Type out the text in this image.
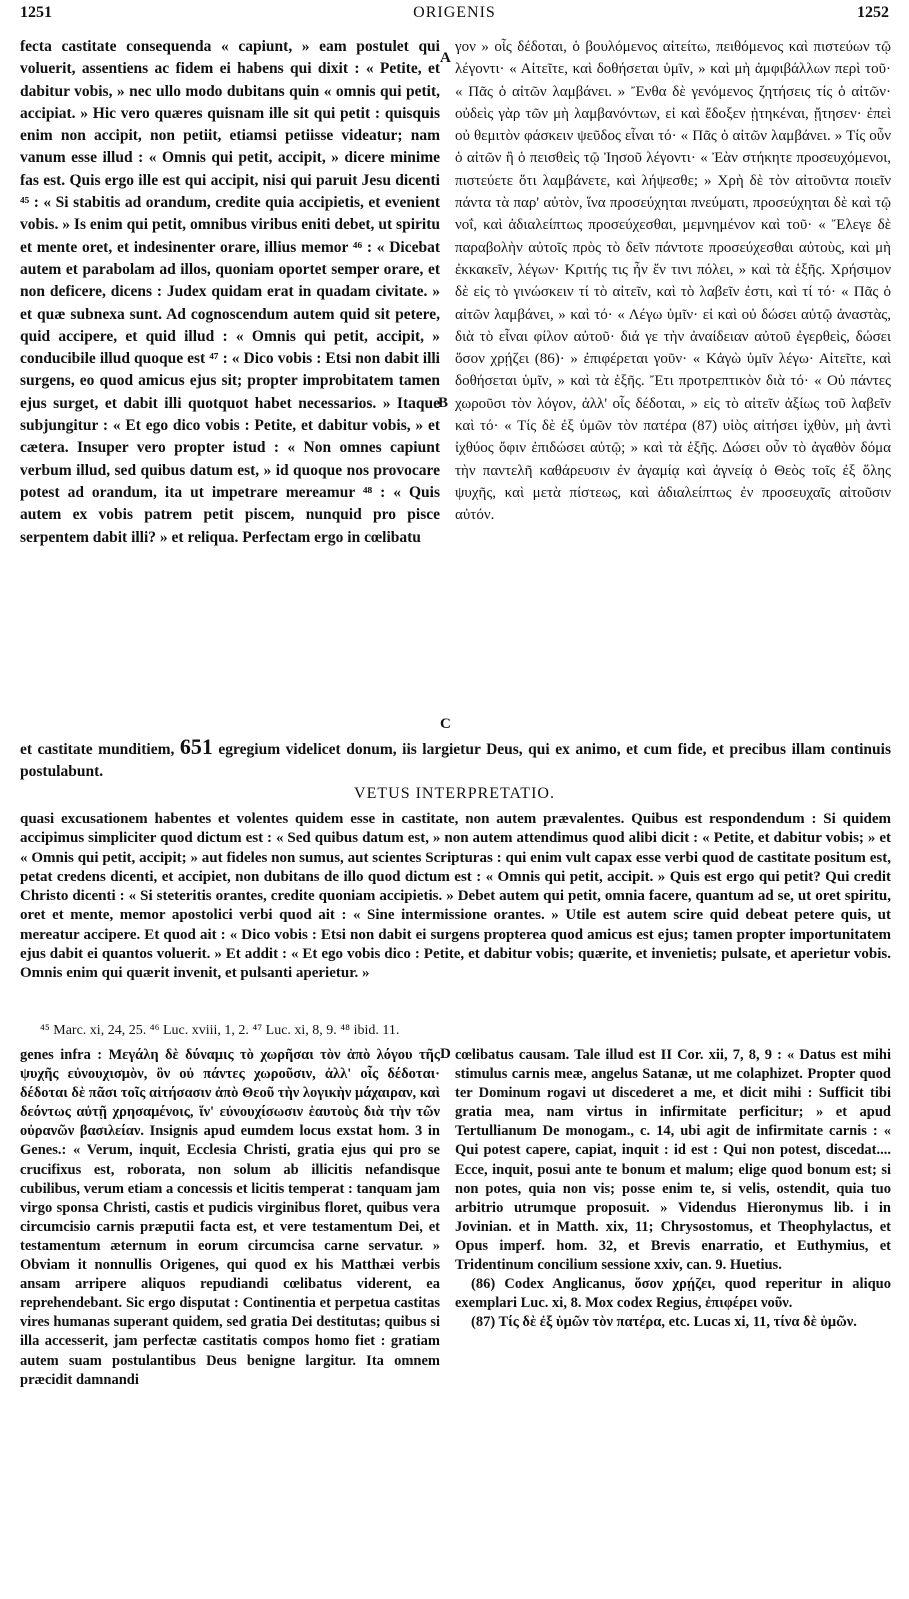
1251	ORIGENIS	1252

fecta castitate consequenda « capiunt, » eam postulet qui voluerit, assentiens ac fidem ei habens qui dixit : « Petite, et dabitur vobis, » nec ullo modo dubitans quin « omnis qui petit, accipiat. » Hic vero quæres quisnam ille sit qui petit : quisquis enim non accipit, non petiit, etiamsi petiisse videatur; nam vanum esse illud : « Omnis qui petit, accipit, » dicere minime fas est. Quis ergo ille est qui accipit, nisi qui paruit Jesu dicenti ⁴⁵ : « Si stabitis ad orandum, credite quia accipietis, et evenient vobis. » Is enim qui petit, omnibus viribus eniti debet, ut spiritu et mente oret, et indesinenter orare, illius memor ⁴⁶ : « Dicebat autem et parabolam ad illos, quoniam oportet semper orare, et non deficere, dicens : Judex quidam erat in quadam civitate. » et quæ subnexa sunt. Ad cognoscendum autem quid sit petere, quid accipere, et quid illud : « Omnis qui petit, accipit, » conducibile illud quoque est ⁴⁷ : « Dico vobis : Etsi non dabit illi surgens, eo quod amicus ejus sit; propter improbitatem tamen ejus surget, et dabit illi quotquot habet necessarios. » Itaque subjungitur : « Et ego dico vobis : Petite, et dabitur vobis, » et cætera. Insuper vero propter istud : « Non omnes capiunt verbum illud, sed quibus datum est, » id quoque nos provocare potest ad orandum, ita ut impetrare mereamur ⁴⁸ : « Quis autem ex vobis patrem petit piscem, nunquid pro pisce serpentem dabit illi? » et reliqua. Perfectam ergo in cœlibatu

A
B
C
D

γον » οἷς δέδοται, ὁ βουλόμενος αἰτείτω, πειθόμενος καὶ πιστεύων τῷ λέγοντι· « Αἰτεῖτε, καὶ δοθήσεται ὑμῖν, » καὶ μὴ ἀμφιβάλλων περὶ τοῦ· « Πᾶς ὁ αἰτῶν λαμβάνει. » Ἔνθα δὲ γενόμενος ζητήσεις τίς ὁ αἰτῶν· οὐδεὶς γὰρ τῶν μὴ λαμβανόντων, εἰ καὶ ἔδοξεν ᾐτηκέναι, ᾔτησεν· ἐπεὶ οὐ θεμιτὸν φάσκειν ψεῦδος εἶναι τό· « Πᾶς ὁ αἰτῶν λαμβάνει. » Τίς οὖν ὁ αἰτῶν ἢ ὁ πεισθεὶς τῷ Ἰησοῦ λέγοντι· « Ἐὰν στήκητε προσευχόμενοι, πιστεύετε ὅτι λαμβάνετε, καὶ λήψεσθε; » Χρὴ δὲ τὸν αἰτοῦντα ποιεῖν πάντα τὰ παρ' αὐτὸν, ἵνα προσεύχηται πνεύματι, προσεύχηται δὲ καὶ τῷ νοΐ, καὶ ἀδιαλείπτως προσεύχεσθαι, μεμνημένον καὶ τοῦ· « Ἔλεγε δὲ παραβολὴν αὐτοῖς πρὸς τὸ δεῖν πάντοτε προσεύχεσθαι αὐτοὺς, καὶ μὴ ἐκκακεῖν, λέγων· Κριτής τις ἦν ἔν τινι πόλει, » καὶ τὰ ἑξῆς. Χρήσιμον δὲ εἰς τὸ γινώσκειν τί τὸ αἰτεῖν, καὶ τὸ λαβεῖν ἐστι, καὶ τί τό· « Πᾶς ὁ αἰτῶν λαμβάνει, » καὶ τό· « Λέγω ὑμῖν· εἰ καὶ οὐ δώσει αὐτῷ ἀναστὰς, διὰ τὸ εἶναι φίλον αὐτοῦ· διά γε τὴν ἀναίδειαν αὐτοῦ ἐγερθεὶς, δώσει ὅσον χρῄζει (86)· » ἐπιφέρεται γοῦν· « Κἀγὼ ὑμῖν λέγω· Αἰτεῖτε, καὶ δοθήσεται ὑμῖν, » καὶ τὰ ἑξῆς. Ἔτι προτρεπτικὸν διὰ τό· « Οὐ πάντες χωροῦσι τὸν λόγον, ἀλλ' οἷς δέδοται, » εἰς τὸ αἰτεῖν ἀξίως τοῦ λαβεῖν καὶ τό· « Τίς δὲ ἐξ ὑμῶν τὸν πατέρα (87) υἱὸς αἰτήσει ἰχθὺν, μὴ ἀντὶ ἰχθύος ὄφιν ἐπιδώσει αὐτῷ; » καὶ τὰ ἑξῆς. Δώσει οὖν τὸ ἀγαθὸν δόμα τὴν παντελῆ καθάρευσιν ἐν ἀγαμίᾳ καὶ ἁγνείᾳ ὁ Θεὸς τοῖς ἐξ ὅλης ψυχῆς, καὶ μετὰ πίστεως, καὶ ἀδιαλείπτως ἐν προσευχαῖς αἰτοῦσιν αὐτόν.

et castitate munditiem, 651 egregium videlicet donum, iis largietur Deus, qui ex animo, et cum fide, et precibus illam continuis postulabunt.
VETUS INTERPRETATIO.
quasi excusationem habentes et volentes quidem esse in castitate, non autem prævalentes. Quibus est respondendum : Si quidem accipimus simpliciter quod dictum est : « Sed quibus datum est, » non autem attendimus quod alibi dicit : « Petite, et dabitur vobis; » et « Omnis qui petit, accipit; » aut fideles non sumus, aut scientes Scripturas : qui enim vult capax esse verbi quod de castitate positum est, petat credens dicenti, et accipiet, non dubitans de illo quod dictum est : « Omnis qui petit, accipit. » Quis est ergo qui petit? Qui credit Christo dicenti : « Si steteritis orantes, credite quoniam accipietis. » Debet autem qui petit, omnia facere, quantum ad se, ut oret spiritu, oret et mente, memor apostolici verbi quod ait : « Sine intermissione orantes. » Utile est autem scire quid debeat petere quis, ut mereatur accipere. Et quod ait : « Dico vobis : Etsi non dabit ei surgens propterea quod amicus est ejus; tamen propter importunitatem ejus dabit ei quantos voluerit. » Et addit : « Et ego vobis dico : Petite, et dabitur vobis; quærite, et invenietis; pulsate, et aperietur vobis. Omnis enim qui quærit invenit, et pulsanti aperietur. »
⁴⁵ Marc. xi, 24, 25. ⁴⁶ Luc. xviii, 1, 2. ⁴⁷ Luc. xi, 8, 9. ⁴⁸ ibid. 11.

genes infra : Μεγάλη δὲ δύναμις τὸ χωρῆσαι τὸν ἀπὸ λόγου τῆς ψυχῆς εὐνουχισμὸν, ὃν οὐ πάντες χωροῦσιν, ἀλλ' οἷς δέδοται· δέδοται δὲ πᾶσι τοῖς αἰτήσασιν ἀπὸ Θεοῦ τὴν λογικὴν μάχαιραν, καὶ δεόντως αὐτῇ χρησαμένοις, ἵν' εὐνουχίσωσιν ἑαυτοὺς διὰ τὴν τῶν οὐρανῶν βασιλείαν. Insignis apud eumdem locus exstat hom. 3 in Genes.: « Verum, inquit, Ecclesia Christi, gratia ejus qui pro se crucifixus est, roborata, non solum ab illicitis nefandisque cubilibus, verum etiam a concessis et licitis temperat : tanquam jam virgo sponsa Christi, castis et pudicis virginibus floret, quibus vera circumcisio carnis præputii facta est, et vere testamentum Dei, et testamentum æternum in eorum circumcisa carne servatur. » Obviam it nonnullis Origenes, qui quod ex his Matthæi verbis ansam arripere aliquos repudiandi cœlibatus viderent, ea reprehendebant. Sic ergo disputat : Continentia et perpetua castitas vires humanas superant quidem, sed gratia Dei destitutas; quibus si illa accesserit, jam perfectæ castitatis compos homo fiet : gratiam autem suam postulantibus Deus benigne largitur. Ita omnem præcidit damnandi

cœlibatus causam. Tale illud est II Cor. xii, 7, 8, 9 : « Datus est mihi stimulus carnis meæ, angelus Satanæ, ut me colaphizet. Propter quod ter Dominum rogavi ut discederet a me, et dicit mihi : Sufficit tibi gratia mea, nam virtus in infirmitate perficitur; » et apud Tertullianum De monogam., c. 14, ubi agit de infirmitate carnis : « Qui potest capere, capiat, inquit : id est : Qui non potest, discedat.... Ecce, inquit, posui ante te bonum et malum; elige quod bonum est; si non potes, quia non vis; posse enim te, si velis, ostendit, quia tuo arbitrio utrumque proposuit. » Videndus Hieronymus lib. i in Jovinian. et in Matth. xix, 11; Chrysostomus, et Theophylactus, et Opus imperf. hom. 32, et Brevis enarratio, et Euthymius, et Tridentinum concilium sessione xxiv, can. 9. Huetius.

(86) Codex Anglicanus, ὅσον χρῄζει, quod reperitur in aliquo exemplari Luc. xi, 8. Mox codex Regius, ἐπιφέρει νοῦν.

(87) Τίς δὲ ἐξ ὑμῶν τὸν πατέρα, etc. Lucas xi, 11, τίνα δὲ ὑμῶν.
